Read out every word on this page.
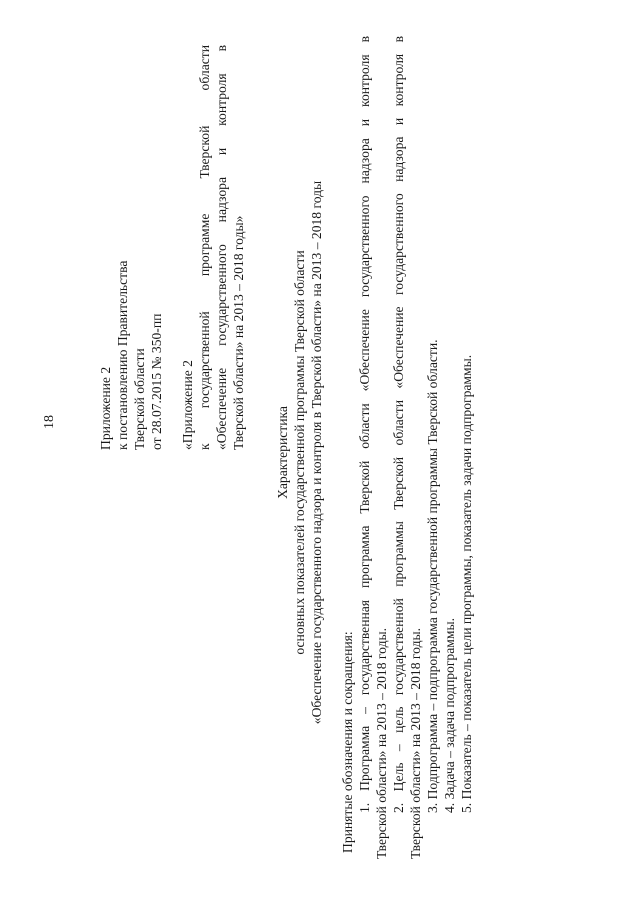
18	Приложение 2 к постановлению Правительства Тверской области от 28.07.2015 № 350-пп «Приложение 2 к государственной программе Тверской области «Обеспечение государственного надзора и контроля в Тверской области» на 2013 – 2018 годы»
Характеристика основных показателей государственной программы Тверской области «Обеспечение государственного надзора и контроля в Тверской области» на 2013 – 2018 годы
Принятые обозначения и сокращения: 1. Программа – государственная программа Тверской области «Обеспечение государственного надзора и контроля в Тверской области» на 2013 – 2018 годы. 2. Цель – цель государственной программы Тверской области «Обеспечение государственного надзора и контроля в Тверской области» на 2013 – 2018 годы. 3. Подпрограмма – подпрограмма государственной программы Тверской области. 4. Задача – задача подпрограммы. 5. Показатель – показатель цели программы, показатель задачи подпрограммы.
